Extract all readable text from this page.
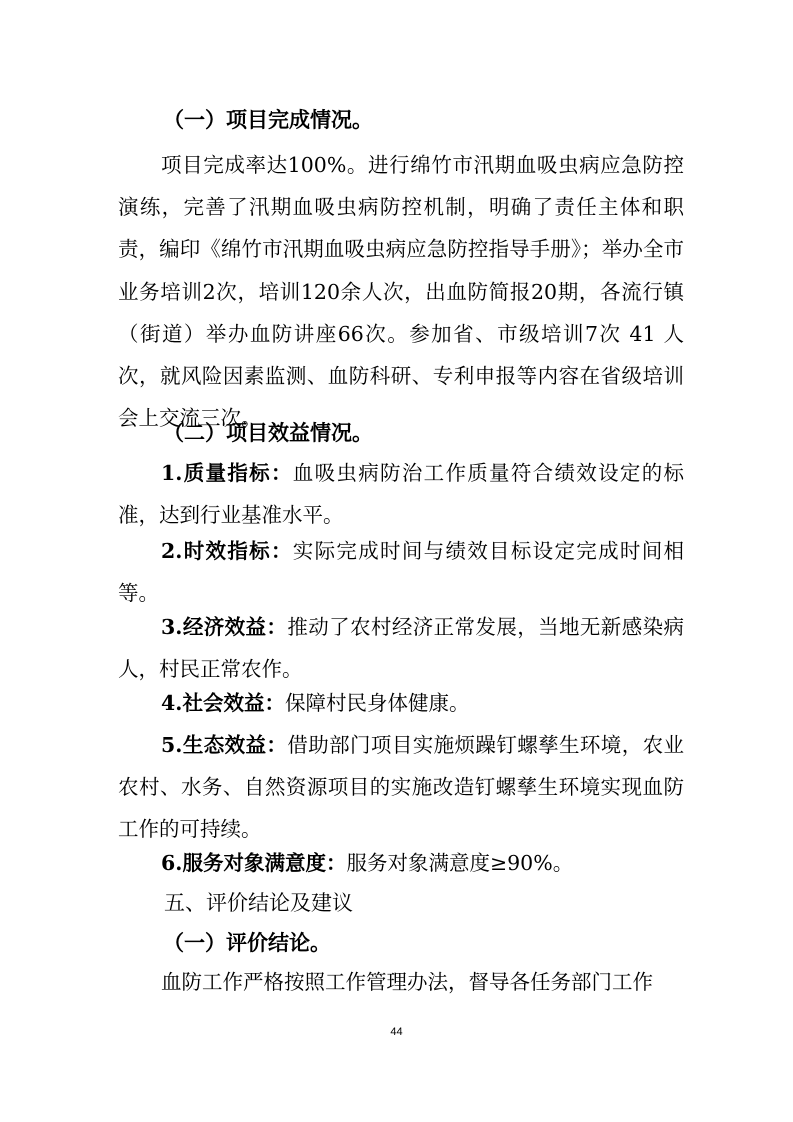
（一）项目完成情况。

项目完成率达100%。进行绵竹市汛期血吸虫病应急防控演练，完善了汛期血吸虫病防控机制，明确了责任主体和职责，编印《绵竹市汛期血吸虫病应急防控指导手册》；举办全市业务培训2次，培训120余人次，出血防简报20期，各流行镇（街道）举办血防讲座66次。参加省、市级培训7次 41 人次，就风险因素监测、血防科研、专利申报等内容在省级培训会上交流三次。

（二）项目效益情况。

1.质量指标：血吸虫病防治工作质量符合绩效设定的标准，达到行业基准水平。

2.时效指标：实际完成时间与绩效目标设定完成时间相等。

3.经济效益：推动了农村经济正常发展，当地无新感染病人，村民正常农作。

4.社会效益：保障村民身体健康。

5.生态效益：借助部门项目实施烦躁钉螺孳生环境，农业农村、水务、自然资源项目的实施改造钉螺孳生环境实现血防工作的可持续。

6.服务对象满意度：服务对象满意度≥90%。

五、评价结论及建议
（一）评价结论。

血防工作严格按照工作管理办法，督导各任务部门工作

44
